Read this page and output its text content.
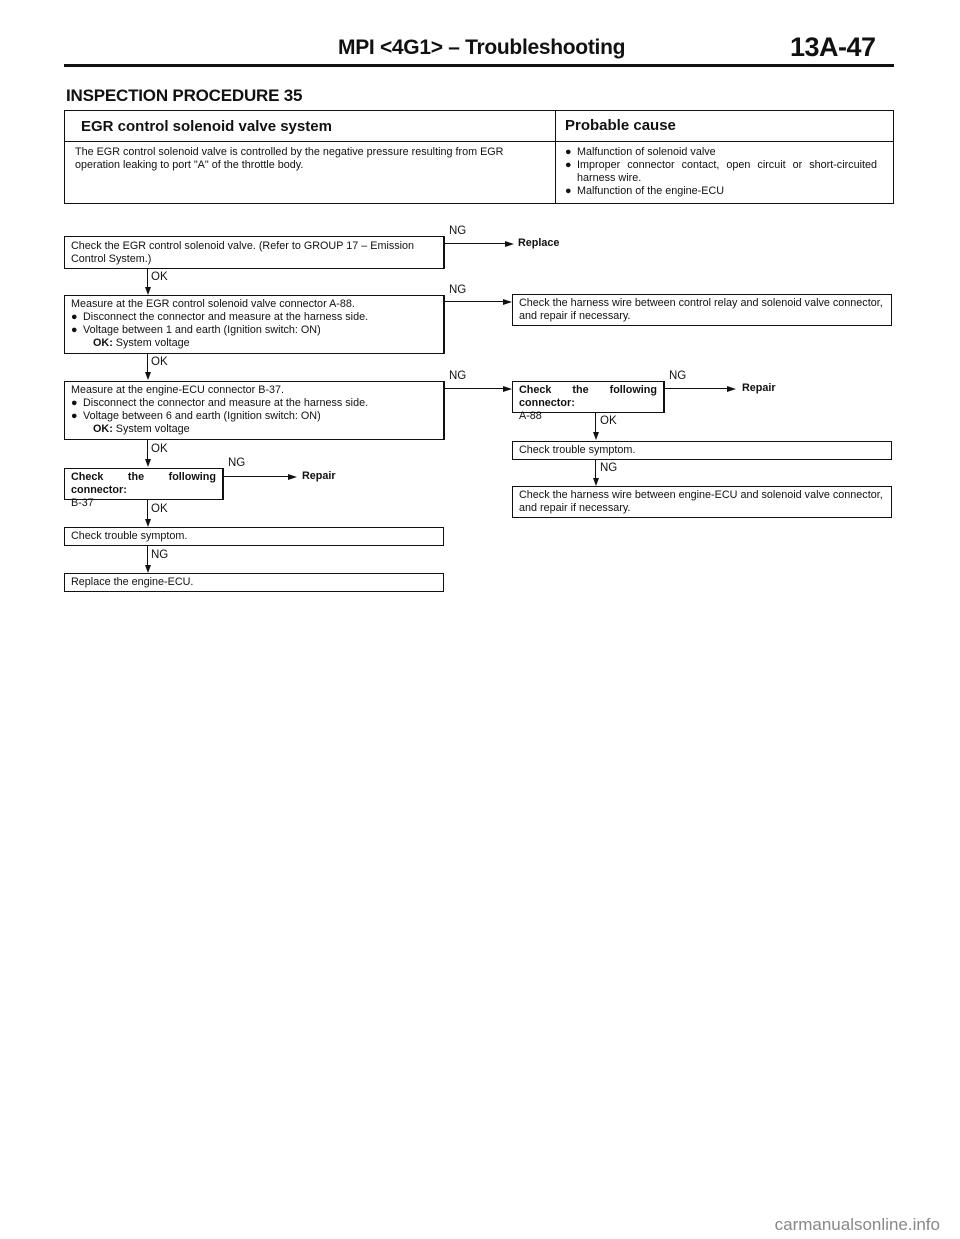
MPI <4G1> – Troubleshooting	13A-47
INSPECTION PROCEDURE 35
EGR control solenoid valve system	Probable cause
The EGR control solenoid valve is controlled by the negative pressure resulting from EGR operation leaking to port "A" of the throttle body.
● Malfunction of solenoid valve
● Improper connector contact, open circuit or short-circuited harness wire.
● Malfunction of the engine-ECU
Check the EGR control solenoid valve. (Refer to GROUP 17 – Emission Control System.)
NG
Replace
OK
Measure at the EGR control solenoid valve connector A-88.
● Disconnect the connector and measure at the harness side.
● Voltage between 1 and earth (Ignition switch: ON)
OK: System voltage
NG
Check the harness wire between control relay and solenoid valve connector, and repair if necessary.
OK
Measure at the engine-ECU connector B-37.
● Disconnect the connector and measure at the harness side.
● Voltage between 6 and earth (Ignition switch: ON)
OK: System voltage
NG
Check the following connector:
A-88
NG
Repair
OK
Check trouble symptom.
NG
Check the harness wire between engine-ECU and solenoid valve connector, and repair if necessary.
OK
Check the following connector:
B-37
NG
Repair
OK
Check trouble symptom.
NG
Replace the engine-ECU.
carmanualsonline.info
